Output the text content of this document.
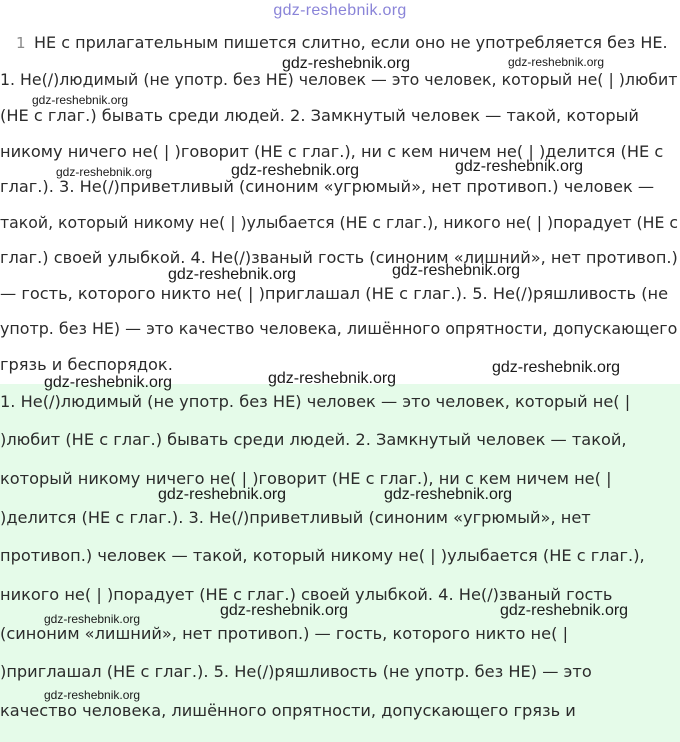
gdz-reshebnik.org
1 НЕ с прилагательным пишется слитно, если оно не употребляется без НЕ.
1. Не(/)людимый (не употр. без НЕ) человек — это человек, который не( | )любит
(НЕ с глаг.) бывать среди людей. 2. Замкнутый человек — такой, который
никому ничего не( | )говорит (НЕ с глаг.), ни с кем ничем не( | )делится (НЕ с
глаг.). 3. Не(/)приветливый (синоним «угрюмый», нет противоп.) человек —
такой, который никому не( | )улыбается (НЕ с глаг.), никого не( | )порадует (НЕ с
глаг.) своей улыбкой. 4. Не(/)званый гость (синоним «лишний», нет противоп.)
— гость, которого никто не( | )приглашал (НЕ с глаг.). 5. Не(/)ряшливость (не
употр. без НЕ) — это качество человека, лишённого опрятности, допускающего
грязь и беспорядок.
1. Не(/)людимый (не употр. без НЕ) человек — это человек, который не( |
)любит (НЕ с глаг.) бывать среди людей. 2. Замкнутый человек — такой,
который никому ничего не( | )говорит (НЕ с глаг.), ни с кем ничем не( |
)делится (НЕ с глаг.). 3. Не(/)приветливый (синоним «угрюмый», нет
противоп.) человек — такой, который никому не( | )улыбается (НЕ с глаг.),
никого не( | )порадует (НЕ с глаг.) своей улыбкой. 4. Не(/)званый гость
(синоним «лишний», нет противоп.) — гость, которого никто не( |
)приглашал (НЕ с глаг.). 5. Не(/)ряшливость (не употр. без НЕ) — это
качество человека, лишённого опрятности, допускающего грязь и
gdz-reshebnik.org	gdz-reshebnik.org
gdz-reshebnik.org
gdz-reshebnik.org	gdz-reshebnik.org	gdz-reshebnik.org
gdz-reshebnik.org	gdz-reshebnik.org
gdz-reshebnik.org
gdz-reshebnik.org	gdz-reshebnik.org
gdz-reshebnik.org	gdz-reshebnik.org
gdz-reshebnik.org	gdz-reshebnik.org
gdz-reshebnik.org
gdz-reshebnik.org
